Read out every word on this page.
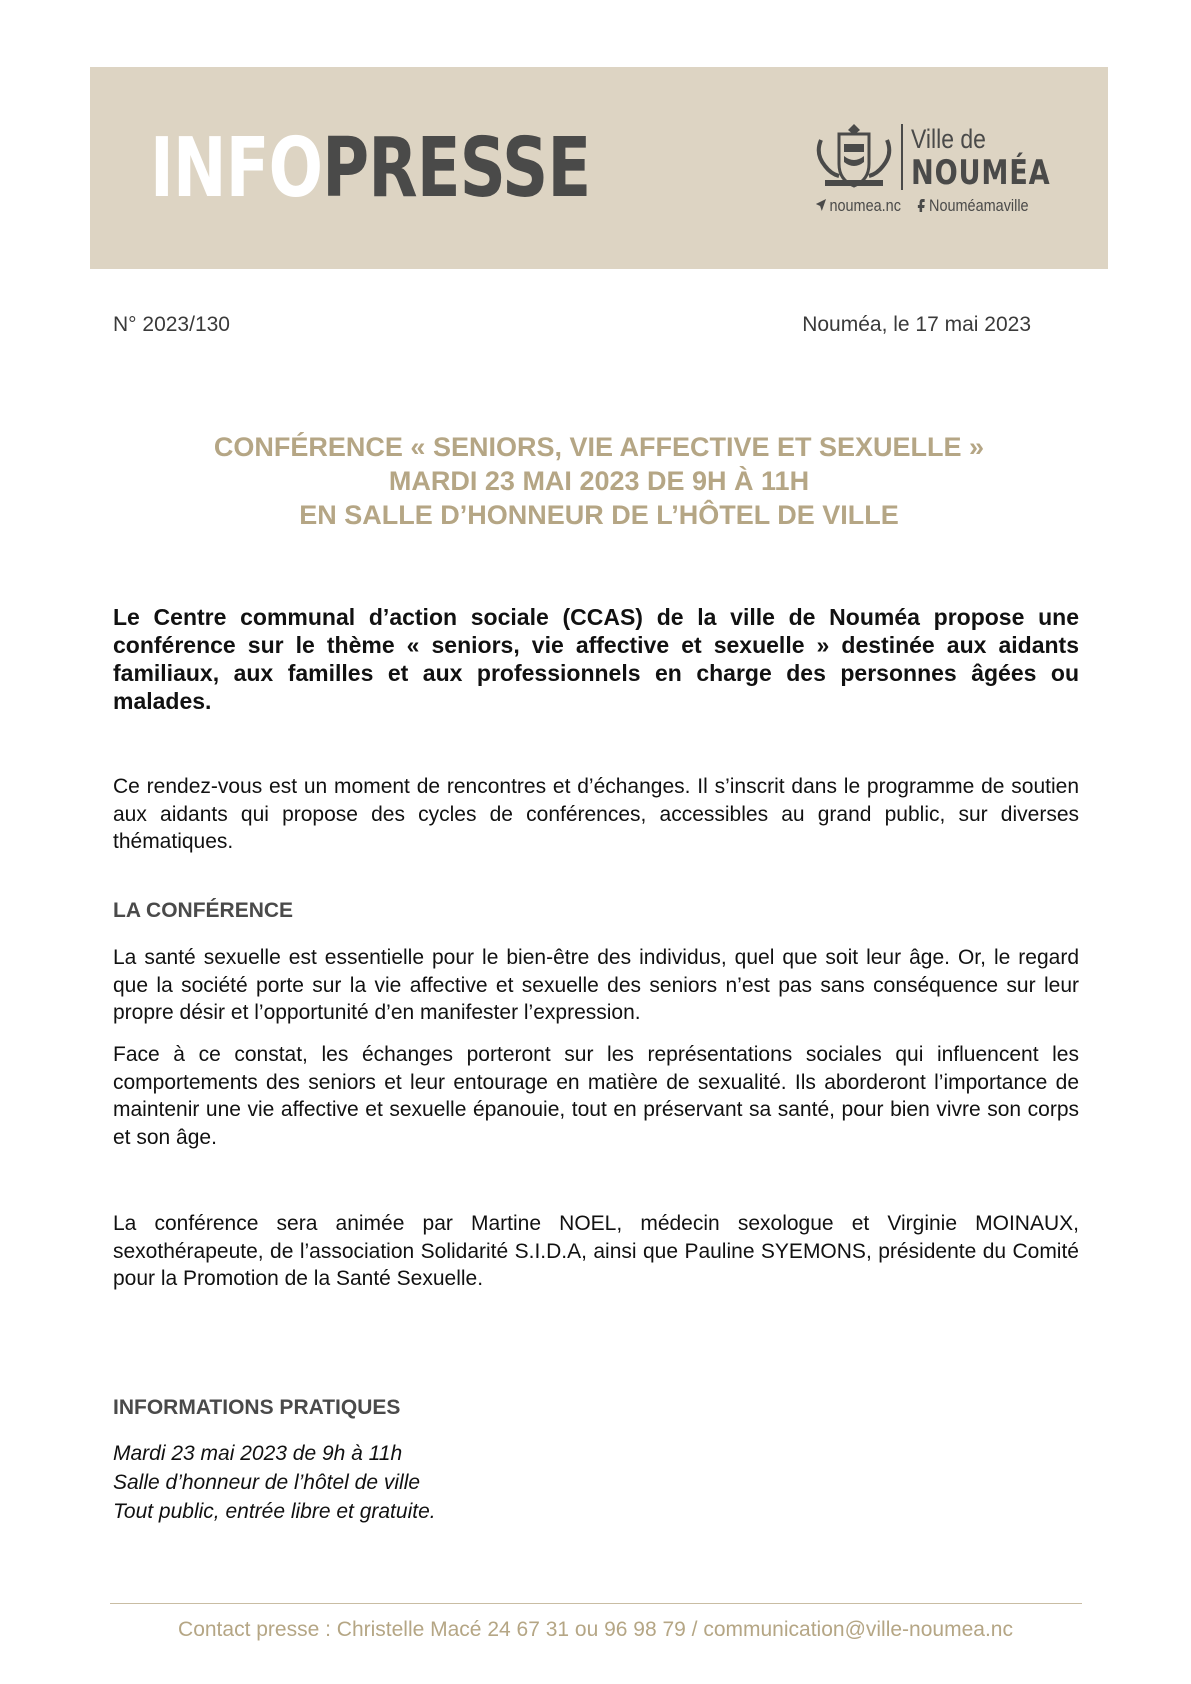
INFOPRESSE	Ville de
NOUMÉA
noumea.nc Nouméamaville
N° 2023/130	Nouméa, le 17 mai 2023
CONFÉRENCE « SENIORS, VIE AFFECTIVE ET SEXUELLE »
MARDI 23 MAI 2023 DE 9H À 11H
EN SALLE D’HONNEUR DE L’HÔTEL DE VILLE
Le Centre communal d’action sociale (CCAS) de la ville de Nouméa propose une conférence sur le thème « seniors, vie affective et sexuelle » destinée aux aidants familiaux, aux familles et aux professionnels en charge des personnes âgées ou malades.
Ce rendez-vous est un moment de rencontres et d’échanges. Il s’inscrit dans le programme de soutien aux aidants qui propose des cycles de conférences, accessibles au grand public, sur diverses thématiques.
LA CONFÉRENCE
La santé sexuelle est essentielle pour le bien-être des individus, quel que soit leur âge. Or, le regard que la société porte sur la vie affective et sexuelle des seniors n’est pas sans conséquence sur leur propre désir et l’opportunité d’en manifester l’expression.
Face à ce constat, les échanges porteront sur les représentations sociales qui influencent les comportements des seniors et leur entourage en matière de sexualité. Ils aborderont l’importance de maintenir une vie affective et sexuelle épanouie, tout en préservant sa santé, pour bien vivre son corps et son âge.
La conférence sera animée par Martine NOEL, médecin sexologue et Virginie MOINAUX, sexothérapeute, de l’association Solidarité S.I.D.A, ainsi que Pauline SYEMONS, présidente du Comité pour la Promotion de la Santé Sexuelle.
INFORMATIONS PRATIQUES
Mardi 23 mai 2023 de 9h à 11h
Salle d’honneur de l’hôtel de ville
Tout public, entrée libre et gratuite.
Contact presse : Christelle Macé 24 67 31 ou 96 98 79 / communication@ville-noumea.nc
